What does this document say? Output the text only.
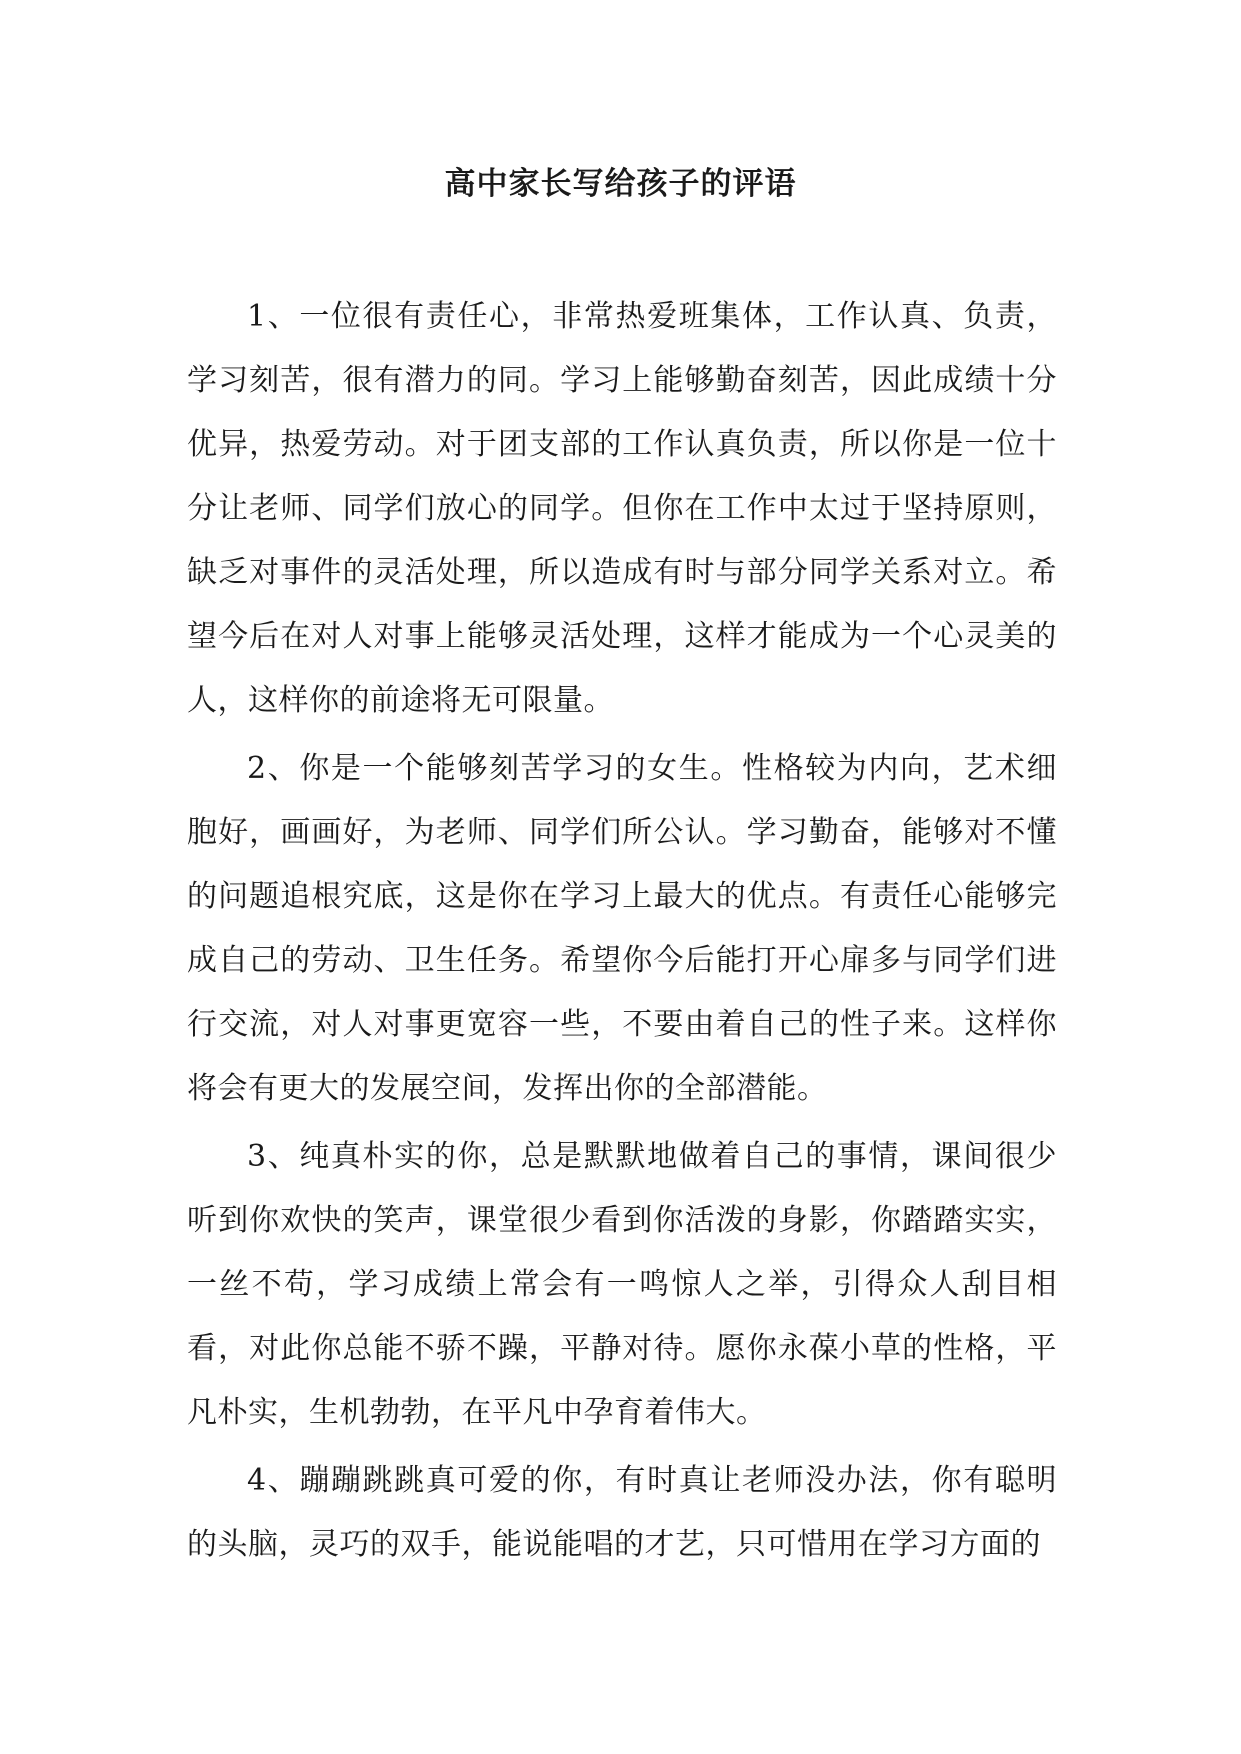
高中家长写给孩子的评语

1、一位很有责任心，非常热爱班集体，工作认真、负责，学习刻苦，很有潜力的同。学习上能够勤奋刻苦，因此成绩十分优异，热爱劳动。对于团支部的工作认真负责，所以你是一位十分让老师、同学们放心的同学。但你在工作中太过于坚持原则，缺乏对事件的灵活处理，所以造成有时与部分同学关系对立。希望今后在对人对事上能够灵活处理，这样才能成为一个心灵美的人，这样你的前途将无可限量。

2、你是一个能够刻苦学习的女生。性格较为内向，艺术细胞好，画画好，为老师、同学们所公认。学习勤奋，能够对不懂的问题追根究底，这是你在学习上最大的优点。有责任心能够完成自己的劳动、卫生任务。希望你今后能打开心扉多与同学们进行交流，对人对事更宽容一些，不要由着自己的性子来。这样你将会有更大的发展空间，发挥出你的全部潜能。

3、纯真朴实的你，总是默默地做着自己的事情，课间很少听到你欢快的笑声，课堂很少看到你活泼的身影，你踏踏实实，一丝不苟，学习成绩上常会有一鸣惊人之举，引得众人刮目相看，对此你总能不骄不躁，平静对待。愿你永葆小草的性格，平凡朴实，生机勃勃，在平凡中孕育着伟大。

4、蹦蹦跳跳真可爱的你，有时真让老师没办法，你有聪明的头脑，灵巧的双手，能说能唱的才艺，只可惜用在学习方面的
